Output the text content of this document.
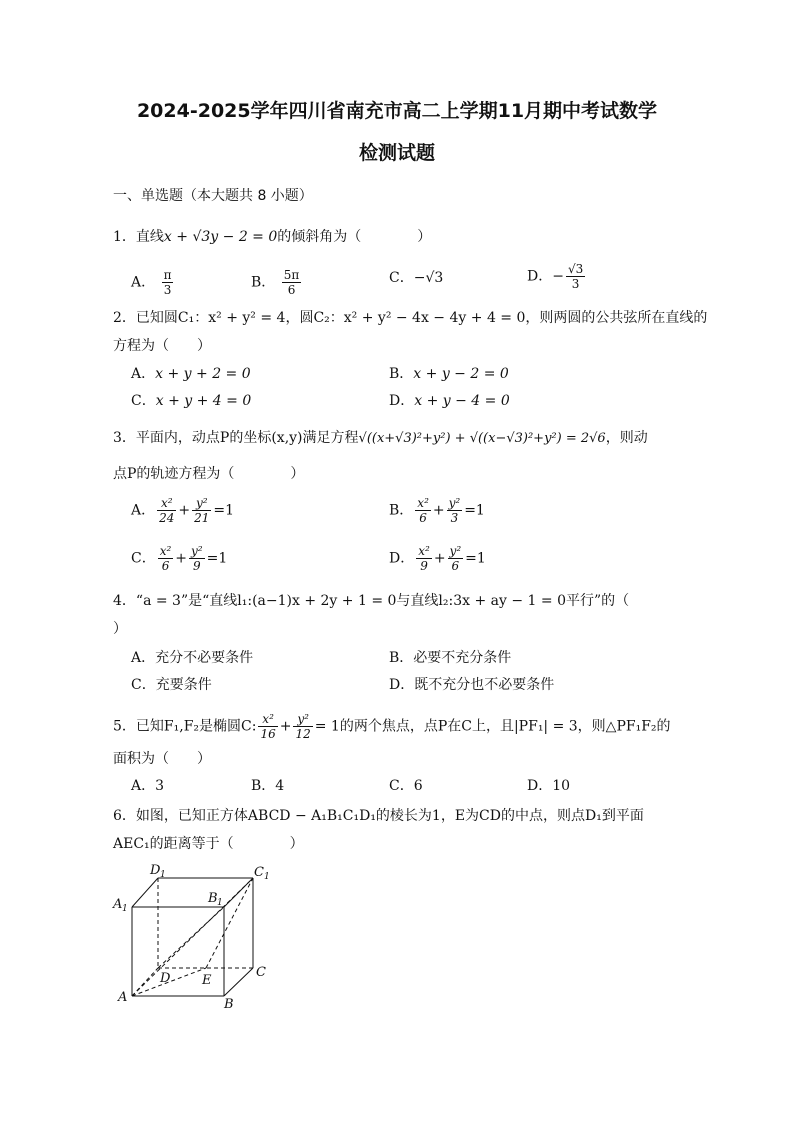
2024-2025学年四川省南充市高二上学期11月期中考试数学
检测试题
一、单选题（本大题共 8 小题）
1．直线x + √3y − 2 = 0的倾斜角为（　　　　）
A． $\frac{\pi}{3}$	B． $\frac{5\pi}{6}$	C．−√3	D．− $\frac{√3}{3}$
2．已知圆C₁：x² + y² = 4，圆C₂：x² + y² − 4x − 4y + 4 = 0，则两圆的公共弦所在直线的
方程为（　　）
A．x + y + 2 = 0	B．x + y − 2 = 0
C．x + y + 4 = 0	D．x + y − 4 = 0
3．平面内，动点P的坐标(x,y)满足方程√((x+√3)²+y²) + √((x−√3)²+y²) = 2√6，则动
点P的轨迹方程为（　　　　）
A． $\frac{\text{x²}}{24} + \frac{\text{y²}}{21} =1$	B． $\frac{\text{x²}}{6} + \frac{\text{y²}}{3} =1$
C． $\frac{\text{x²}}{6} + \frac{\text{y²}}{9} =1$	D． $\frac{\text{x²}}{9} + \frac{\text{y²}}{6} =1$
4．“a = 3”是“直线l₁:(a−1)x + 2y + 1 = 0与直线l₂:3x + ay − 1 = 0平行”的（
）
A．充分不必要条件	B．必要不充分条件
C．充要条件	D．既不充分也不必要条件
5．已知F₁,F₂是椭圆C: $\frac{\text{x²}}{16} + \frac{\text{y²}}{12} = 1$的两个焦点，点P在C上，且|PF₁| = 3，则△PF₁F₂的
面积为（　　）
A．3	B．4	C．6	D．10
6．如图，已知正方体ABCD − A₁B₁C₁D₁的棱长为1，E为CD的中点，则点D₁到平面
AEC₁的距离等于（　　　　）
D 1	C 1
A 1
B 1
D	C
E
A	B
